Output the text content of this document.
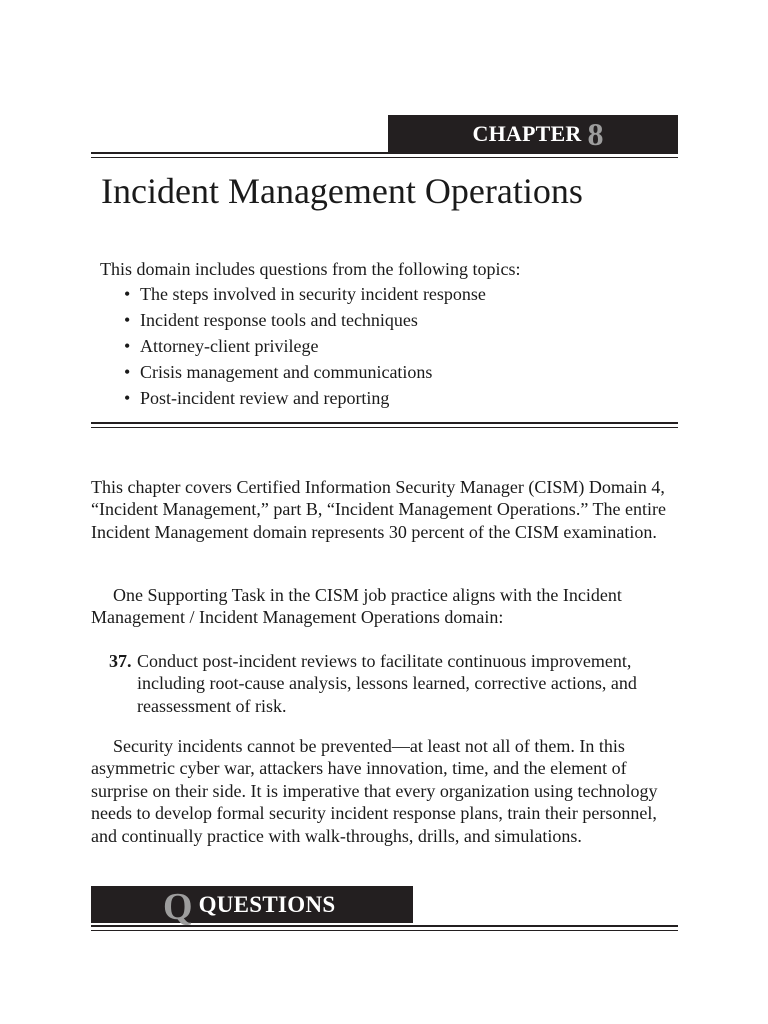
CHAPTER 8
Incident Management Operations

This domain includes questions from the following topics:

• The steps involved in security incident response
• Incident response tools and techniques
• Attorney-client privilege
• Crisis management and communications
• Post-incident review and reporting

This chapter covers Certified Information Security Manager (CISM) Domain 4, “Incident Management,” part B, “Incident Management Operations.” The entire Incident Management domain represents 30 percent of the CISM examination.

One Supporting Task in the CISM job practice aligns with the Incident Management / Incident Management Operations domain:

37. Conduct post-incident reviews to facilitate continuous improvement, including root-cause analysis, lessons learned, corrective actions, and reassessment of risk.

Security incidents cannot be prevented—at least not all of them. In this asymmetric cyber war, attackers have innovation, time, and the element of surprise on their side. It is imperative that every organization using technology needs to develop formal security incident response plans, train their personnel, and continually practice with walk-throughs, drills, and simulations.

Q QUESTIONS
